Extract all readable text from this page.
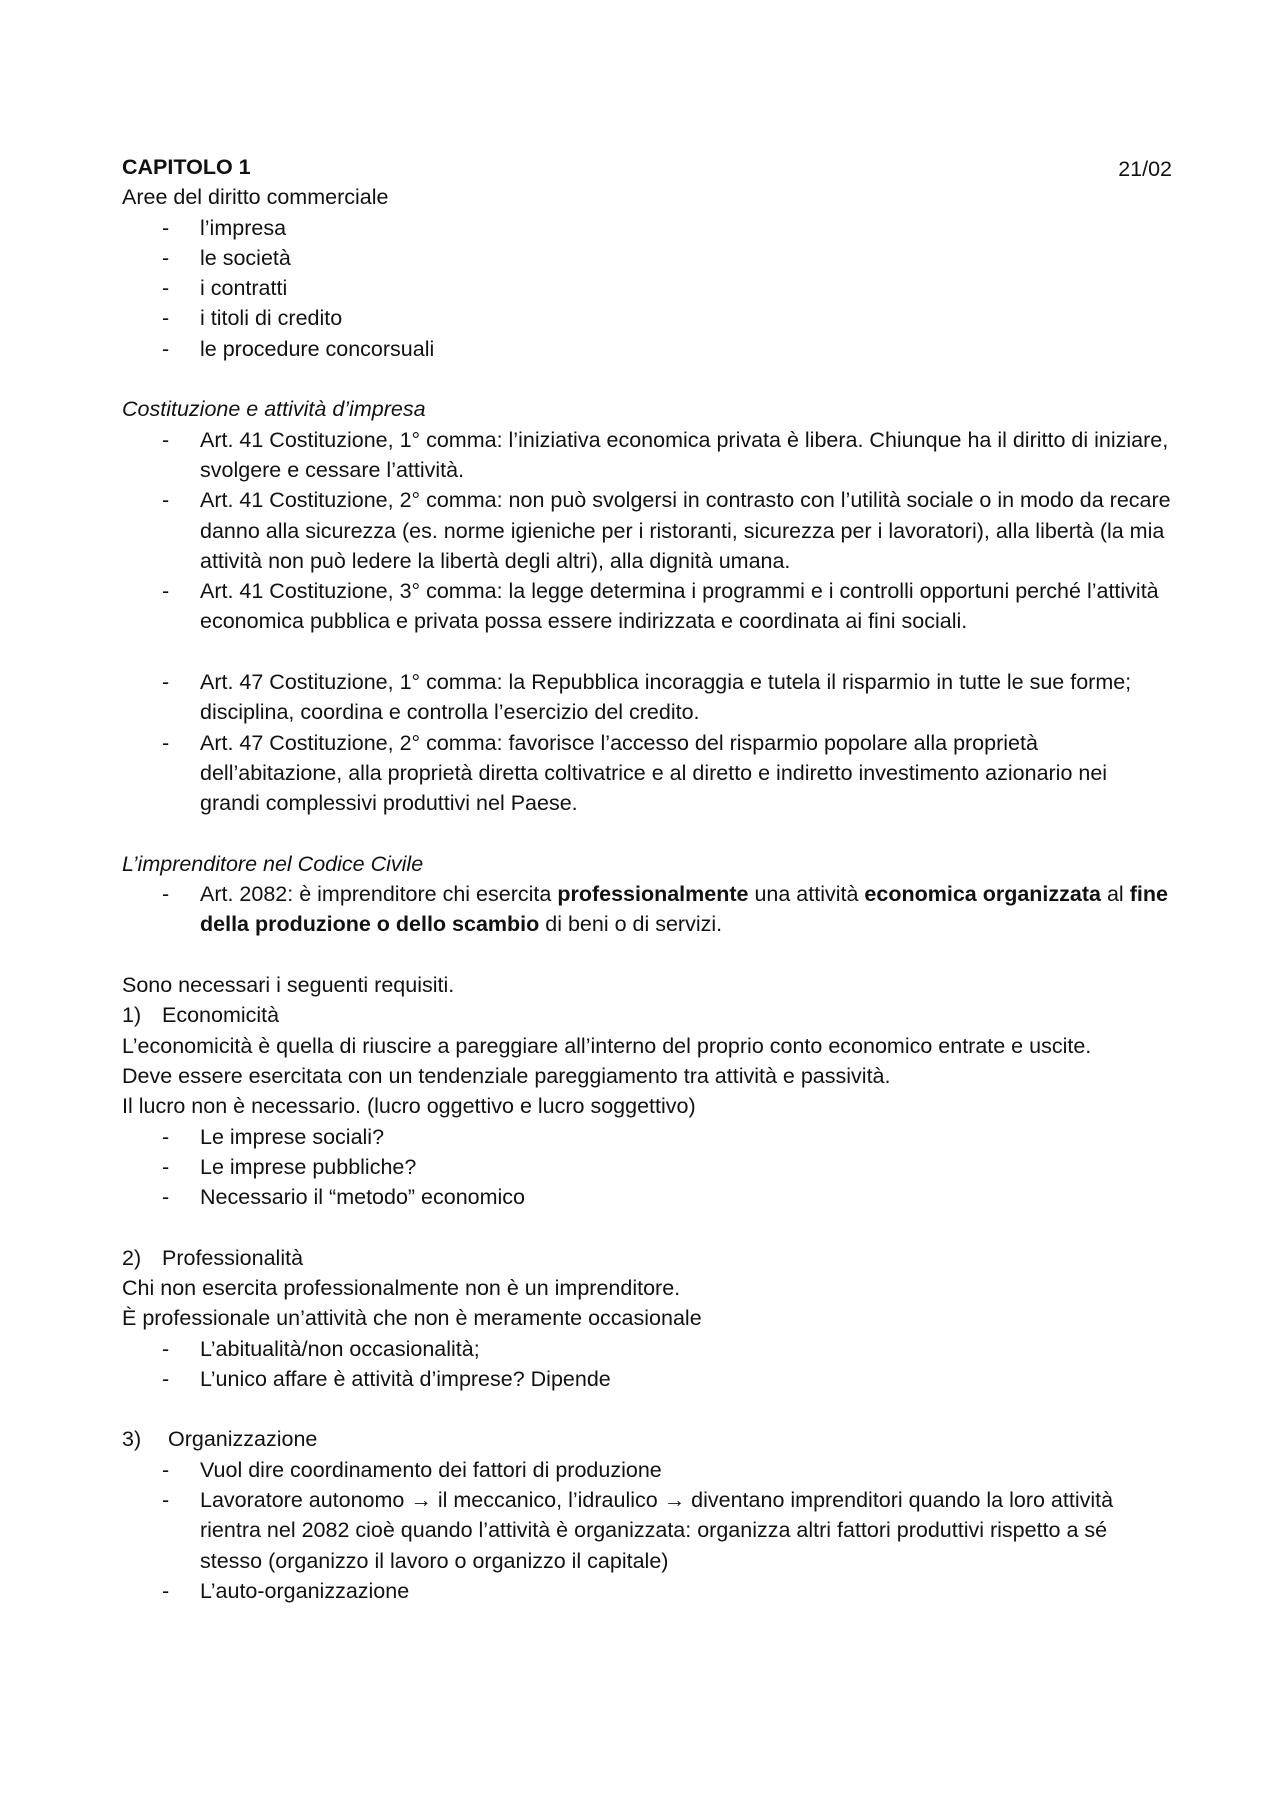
21/02
CAPITOLO 1
Aree del diritto commerciale
- l’impresa
- le società
- i contratti
- i titoli di credito
- le procedure concorsuali
Costituzione e attività d’impresa
- Art. 41 Costituzione, 1° comma: l’iniziativa economica privata è libera. Chiunque ha il diritto di iniziare, svolgere e cessare l’attività.
- Art. 41 Costituzione, 2° comma: non può svolgersi in contrasto con l’utilità sociale o in modo da recare danno alla sicurezza (es. norme igieniche per i ristoranti, sicurezza per i lavoratori), alla libertà (la mia attività non può ledere la libertà degli altri), alla dignità umana.
- Art. 41 Costituzione, 3° comma: la legge determina i programmi e i controlli opportuni perché l’attività economica pubblica e privata possa essere indirizzata e coordinata ai fini sociali.
- Art. 47 Costituzione, 1° comma: la Repubblica incoraggia e tutela il risparmio in tutte le sue forme; disciplina, coordina e controlla l’esercizio del credito.
- Art. 47 Costituzione, 2° comma: favorisce l’accesso del risparmio popolare alla proprietà dell’abitazione, alla proprietà diretta coltivatrice e al diretto e indiretto investimento azionario nei grandi complessivi produttivi nel Paese.
L’imprenditore nel Codice Civile
- Art. 2082: è imprenditore chi esercita professionalmente una attività economica organizzata al fine della produzione o dello scambio di beni o di servizi.
Sono necessari i seguenti requisiti.
1) Economicità
L’economicità è quella di riuscire a pareggiare all’interno del proprio conto economico entrate e uscite.
Deve essere esercitata con un tendenziale pareggiamento tra attività e passività.
Il lucro non è necessario. (lucro oggettivo e lucro soggettivo)
- Le imprese sociali?
- Le imprese pubbliche?
- Necessario il “metodo” economico
2) Professionalità
Chi non esercita professionalmente non è un imprenditore.
È professionale un’attività che non è meramente occasionale
- L’abitualità/non occasionalità;
- L’unico affare è attività d’imprese? Dipende
3) Organizzazione
- Vuol dire coordinamento dei fattori di produzione
- Lavoratore autonomo → il meccanico, l’idraulico → diventano imprenditori quando la loro attività rientra nel 2082 cioè quando l’attività è organizzata: organizza altri fattori produttivi rispetto a sé stesso (organizzo il lavoro o organizzo il capitale)
- L’auto-organizzazione
